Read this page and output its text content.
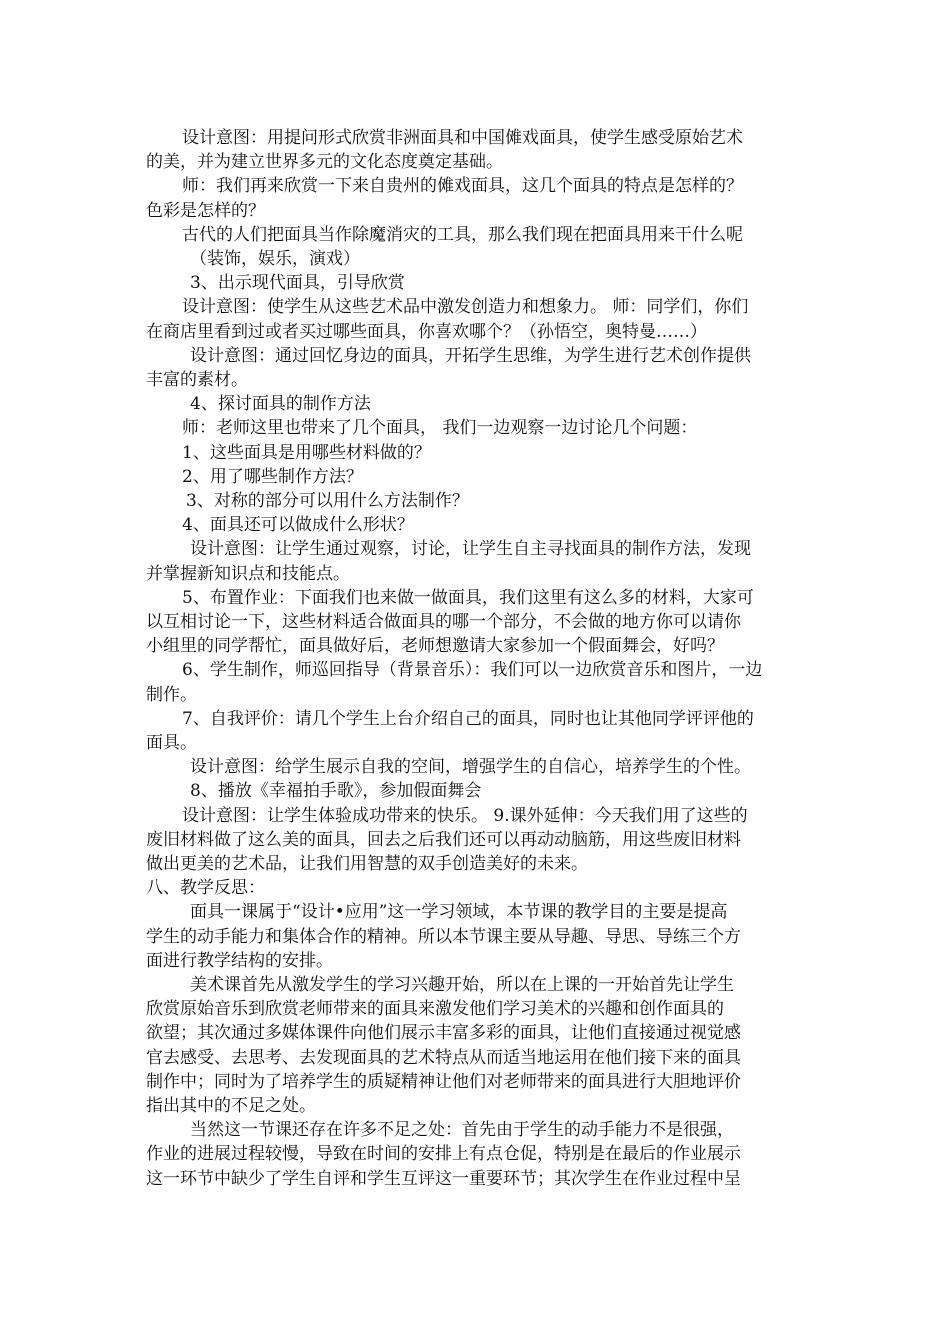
设计意图：用提问形式欣赏非洲面具和中国傩戏面具，使学生感受原始艺术
的美，并为建立世界多元的文化态度奠定基础。
师：我们再来欣赏一下来自贵州的傩戏面具，这几个面具的特点是怎样的？
色彩是怎样的？
古代的人们把面具当作除魔消灾的工具，那么我们现在把面具用来干什么呢
（装饰，娱乐，演戏）
3、出示现代面具，引导欣赏
设计意图：使学生从这些艺术品中激发创造力和想象力。 师：同学们，你们
在商店里看到过或者买过哪些面具，你喜欢哪个？（孙悟空，奥特曼……）
设计意图：通过回忆身边的面具，开拓学生思维，为学生进行艺术创作提供
丰富的素材。
4、探讨面具的制作方法
师：老师这里也带来了几个面具， 我们一边观察一边讨论几个问题：
1、这些面具是用哪些材料做的？
2、用了哪些制作方法？
3、对称的部分可以用什么方法制作？
4、面具还可以做成什么形状？
设计意图：让学生通过观察，讨论，让学生自主寻找面具的制作方法，发现
并掌握新知识点和技能点。
5、布置作业：下面我们也来做一做面具，我们这里有这么多的材料，大家可
以互相讨论一下，这些材料适合做面具的哪一个部分，不会做的地方你可以请你
小组里的同学帮忙，面具做好后，老师想邀请大家参加一个假面舞会，好吗？
6、学生制作，师巡回指导（背景音乐）：我们可以一边欣赏音乐和图片，一边
制作。
7、自我评价：请几个学生上台介绍自己的面具，同时也让其他同学评评他的
面具。
设计意图：给学生展示自我的空间，增强学生的自信心，培养学生的个性。
8、播放《幸福拍手歌》，参加假面舞会
设计意图：让学生体验成功带来的快乐。 9.课外延伸：今天我们用了这些的
废旧材料做了这么美的面具，回去之后我们还可以再动动脑筋，用这些废旧材料
做出更美的艺术品，让我们用智慧的双手创造美好的未来。
八、教学反思：
面具一课属于“设计•应用”这一学习领域，本节课的教学目的主要是提高
学生的动手能力和集体合作的精神。所以本节课主要从导趣、导思、导练三个方
面进行教学结构的安排。
美术课首先从激发学生的学习兴趣开始，所以在上课的一开始首先让学生
欣赏原始音乐到欣赏老师带来的面具来激发他们学习美术的兴趣和创作面具的
欲望；其次通过多媒体课件向他们展示丰富多彩的面具，让他们直接通过视觉感
官去感受、去思考、去发现面具的艺术特点从而适当地运用在他们接下来的面具
制作中；同时为了培养学生的质疑精神让他们对老师带来的面具进行大胆地评价
指出其中的不足之处。
当然这一节课还存在许多不足之处：首先由于学生的动手能力不是很强，
作业的进展过程较慢，导致在时间的安排上有点仓促，特别是在最后的作业展示
这一环节中缺少了学生自评和学生互评这一重要环节；其次学生在作业过程中呈
